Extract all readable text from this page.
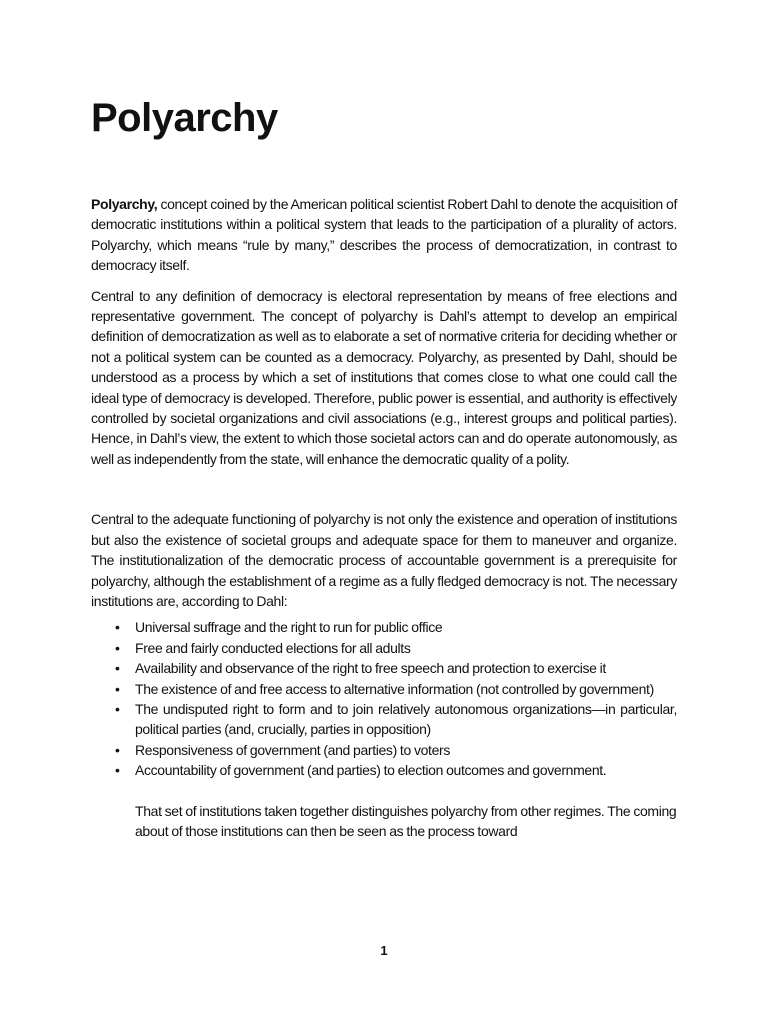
Polyarchy

Polyarchy, concept coined by the American political scientist Robert Dahl to denote the acquisition of democratic institutions within a political system that leads to the participation of a plurality of actors. Polyarchy, which means “rule by many,” describes the process of democratization, in contrast to democracy itself.

Central to any definition of democracy is electoral representation by means of free elections and representative government. The concept of polyarchy is Dahl’s attempt to develop an empirical definition of democratization as well as to elaborate a set of normative criteria for deciding whether or not a political system can be counted as a democracy. Polyarchy, as presented by Dahl, should be understood as a process by which a set of institutions that comes close to what one could call the ideal type of democracy is developed. Therefore, public power is essential, and authority is effectively controlled by societal organizations and civil associations (e.g., interest groups and political parties). Hence, in Dahl’s view, the extent to which those societal actors can and do operate autonomously, as well as independently from the state, will enhance the democratic quality of a polity.

Central to the adequate functioning of polyarchy is not only the existence and operation of institutions but also the existence of societal groups and adequate space for them to maneuver and organize. The institutionalization of the democratic process of accountable government is a prerequisite for polyarchy, although the establishment of a regime as a fully fledged democracy is not. The necessary institutions are, according to Dahl:

• Universal suffrage and the right to run for public office
• Free and fairly conducted elections for all adults
• Availability and observance of the right to free speech and protection to exercise it
• The existence of and free access to alternative information (not controlled by government)
• The undisputed right to form and to join relatively autonomous organizations—in particular, political parties (and, crucially, parties in opposition)
• Responsiveness of government (and parties) to voters
• Accountability of government (and parties) to election outcomes and government.

That set of institutions taken together distinguishes polyarchy from other regimes. The coming about of those institutions can then be seen as the process toward

1
